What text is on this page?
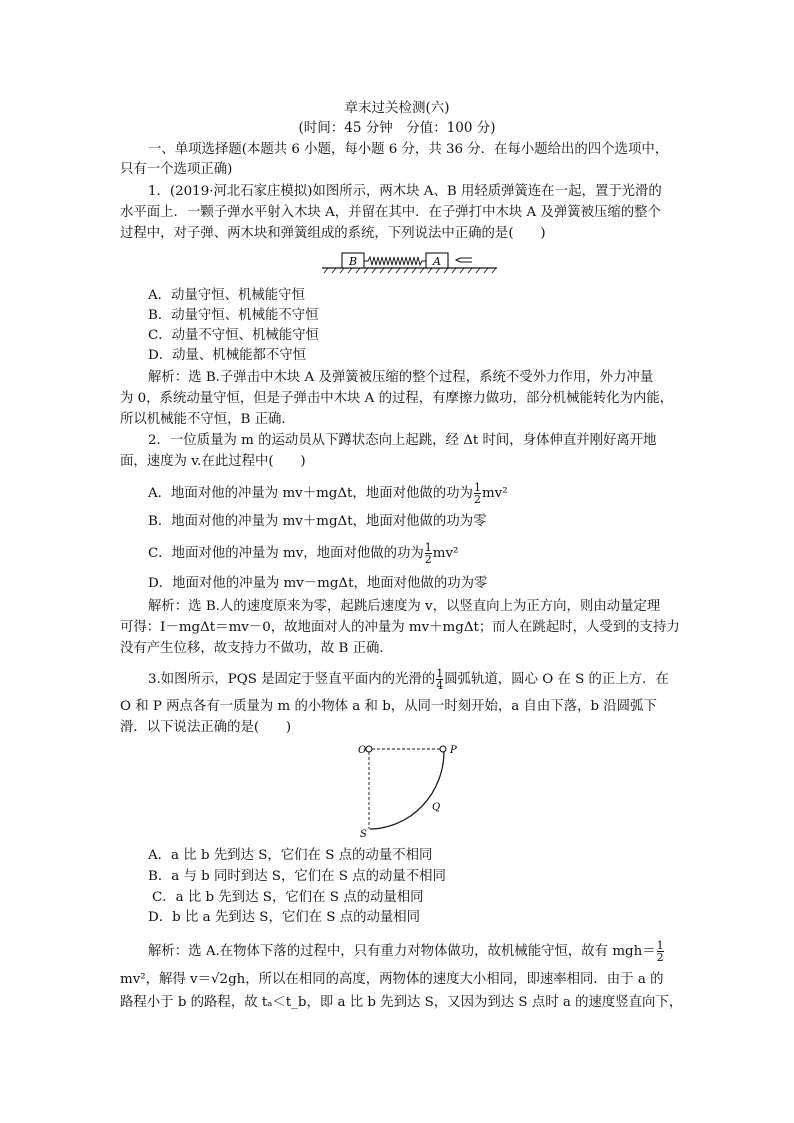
章末过关检测(六)
(时间：45 分钟　分值：100 分)
一、单项选择题(本题共 6 小题，每小题 6 分，共 36 分．在每小题给出的四个选项中，
只有一个选项正确)
1．(2019·河北石家庄模拟)如图所示，两木块 A、B 用轻质弹簧连在一起，置于光滑的
水平面上．一颗子弹水平射入木块 A，并留在其中．在子弹打中木块 A 及弹簧被压缩的整个
过程中，对子弹、两木块和弹簧组成的系统，下列说法中正确的是(　　)
B	A
A．动量守恒、机械能守恒
B．动量守恒、机械能不守恒
C．动量不守恒、机械能守恒
D．动量、机械能都不守恒
解析：选 B.子弹击中木块 A 及弹簧被压缩的整个过程，系统不受外力作用，外力冲量
为 0，系统动量守恒，但是子弹击中木块 A 的过程，有摩擦力做功，部分机械能转化为内能，
所以机械能不守恒，B 正确.
2．一位质量为 m 的运动员从下蹲状态向上起跳，经 Δt 时间，身体伸直并刚好离开地
面，速度为 v.在此过程中(　　)
A．地面对他的冲量为 mv＋mgΔt，地面对他做的功为 $\frac{1}{2} mv^2$
B．地面对他的冲量为 mv＋mgΔt，地面对他做的功为零
C．地面对他的冲量为 mv，地面对他做的功为 $\frac{1}{2} mv^2$
D．地面对他的冲量为 mv－mgΔt，地面对他做的功为零
解析：选 B.人的速度原来为零，起跳后速度为 v，以竖直向上为正方向，则由动量定理
可得：I－mgΔt＝mv－0，故地面对人的冲量为 mv＋mgΔt；而人在跳起时，人受到的支持力
没有产生位移，故支持力不做功，故 B 正确.
3.如图所示，PQS 是固定于竖直平面内的光滑的 $\frac{1}{4}$ 圆弧轨道，圆心 O 在 S 的正上方．在
O 和 P 两点各有一质量为 m 的小物体 a 和 b，从同一时刻开始，a 自由下落，b 沿圆弧下
滑．以下说法正确的是(　　)
O	P
Q
S
A．a 比 b 先到达 S，它们在 S 点的动量不相同
B．a 与 b 同时到达 S，它们在 S 点的动量不相同
C．a 比 b 先到达 S，它们在 S 点的动量相同
D．b 比 a 先到达 S，它们在 S 点的动量相同
解析：选 A.在物体下落的过程中，只有重力对物体做功，故机械能守恒，故有 $mgh= \frac{1}{2}$
mv²，解得 v＝√2gh，所以在相同的高度，两物体的速度大小相同，即速率相同．由于 a 的
路程小于 b 的路程，故 tₐ＜t_b，即 a 比 b 先到达 S，又因为到达 S 点时 a 的速度竖直向下，
